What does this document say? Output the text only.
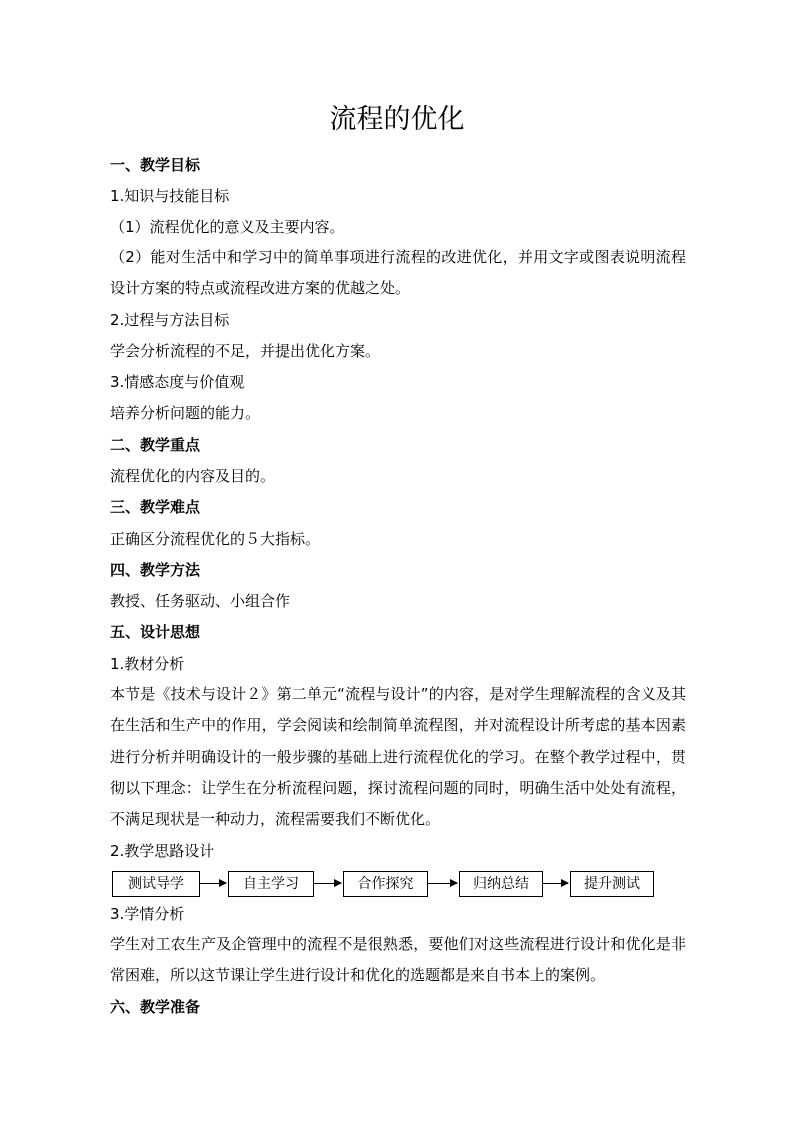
流程的优化
一、教学目标
1.知识与技能目标
（1）流程优化的意义及主要内容。
（2）能对生活中和学习中的简单事项进行流程的改进优化，并用文字或图表说明流程设计方案的特点或流程改进方案的优越之处。
2.过程与方法目标
学会分析流程的不足，并提出优化方案。
3.情感态度与价值观
培养分析问题的能力。
二、教学重点
流程优化的内容及目的。
三、教学难点
正确区分流程优化的５大指标。
四、教学方法
教授、任务驱动、小组合作
五、设计思想
1.教材分析
本节是《技术与设计２》第二单元“流程与设计”的内容，是对学生理解流程的含义及其在生活和生产中的作用，学会阅读和绘制简单流程图，并对流程设计所考虑的基本因素进行分析并明确设计的一般步骤的基础上进行流程优化的学习。在整个教学过程中，贯彻以下理念：让学生在分析流程问题，探讨流程问题的同时，明确生活中处处有流程，不满足现状是一种动力，流程需要我们不断优化。
2.教学思路设计
测试导学	自主学习	合作探究	归纳总结	提升测试
3.学情分析
学生对工农生产及企管理中的流程不是很熟悉，要他们对这些流程进行设计和优化是非常困难，所以这节课让学生进行设计和优化的选题都是来自书本上的案例。
六、教学准备
